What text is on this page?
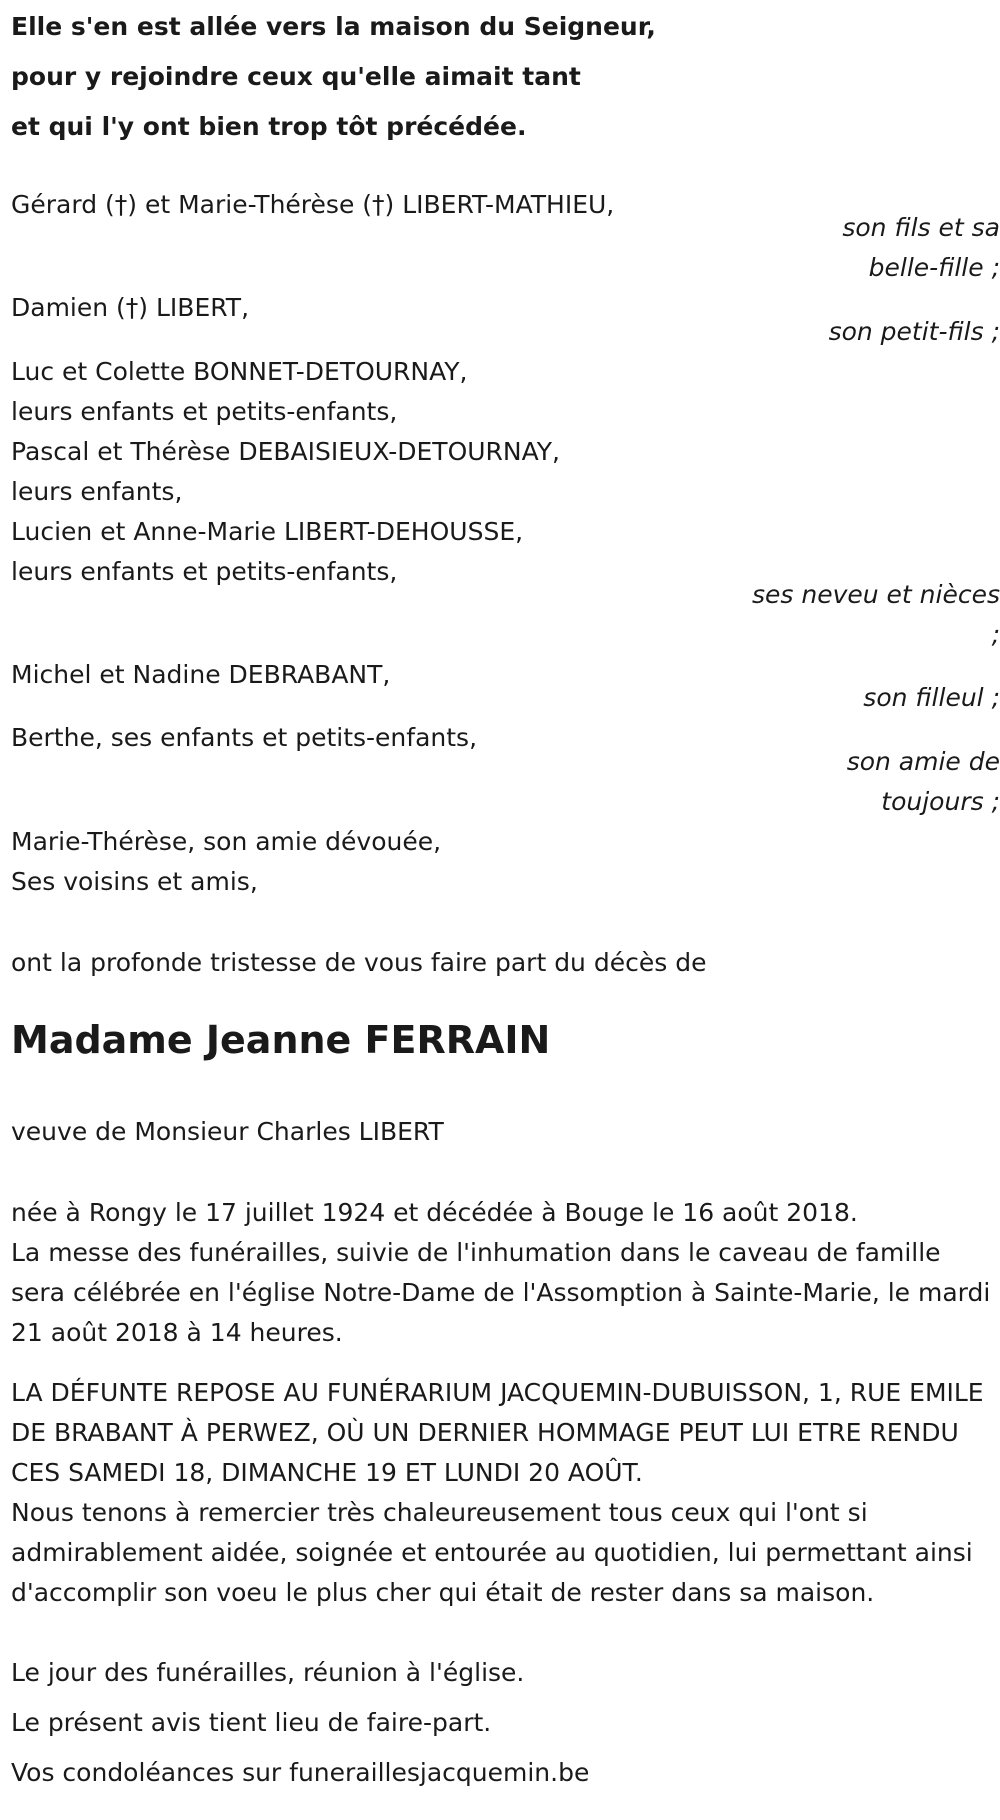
Elle s'en est allée vers la maison du Seigneur,
pour y rejoindre ceux qu'elle aimait tant
et qui l'y ont bien trop tôt précédée.
Gérard (†) et Marie-Thérèse (†) LIBERT-MATHIEU,
son fils et sa
belle-fille ;
Damien (†) LIBERT,
son petit-fils ;
Luc et Colette BONNET-DETOURNAY,
leurs enfants et petits-enfants,
Pascal et Thérèse DEBAISIEUX-DETOURNAY,
leurs enfants,
Lucien et Anne-Marie LIBERT-DEHOUSSE,
leurs enfants et petits-enfants,
ses neveu et nièces
;
Michel et Nadine DEBRABANT,
son filleul ;
Berthe, ses enfants et petits-enfants,
son amie de
toujours ;
Marie-Thérèse, son amie dévouée,
Ses voisins et amis,
ont la profonde tristesse de vous faire part du décès de
Madame Jeanne FERRAIN
veuve de Monsieur Charles LIBERT
née à Rongy le 17 juillet 1924 et décédée à Bouge le 16 août 2018.
La messe des funérailles, suivie de l'inhumation dans le caveau de famille sera célébrée en l'église Notre-Dame de l'Assomption à Sainte-Marie, le mardi 21 août 2018 à 14 heures.
LA DÉFUNTE REPOSE AU FUNÉRARIUM JACQUEMIN-DUBUISSON, 1, RUE EMILE DE BRABANT À PERWEZ, OÙ UN DERNIER HOMMAGE PEUT LUI ETRE RENDU CES SAMEDI 18, DIMANCHE 19 ET LUNDI 20 AOÛT.
Nous tenons à remercier très chaleureusement tous ceux qui l'ont si admirablement aidée, soignée et entourée au quotidien, lui permettant ainsi d'accomplir son voeu le plus cher qui était de rester dans sa maison.
Le jour des funérailles, réunion à l'église.
Le présent avis tient lieu de faire-part.
Vos condoléances sur funeraillesjacquemin.be
